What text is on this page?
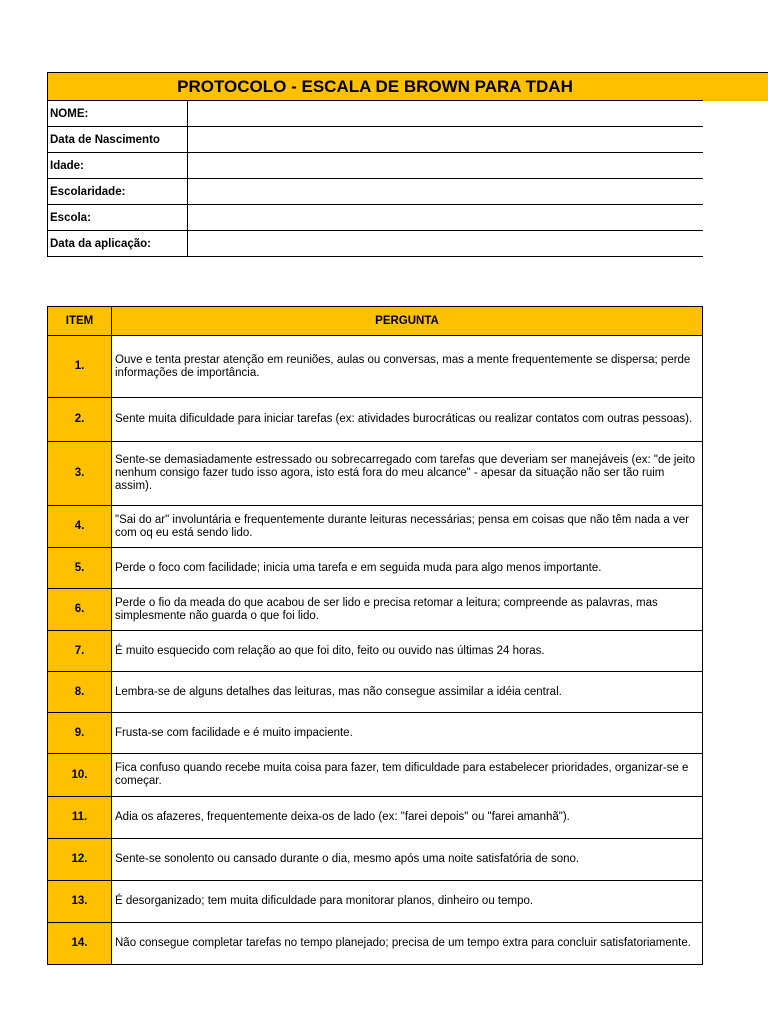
PROTOCOLO - ESCALA DE BROWN PARA TDAH
NOME:	
Data de Nascimento	
Idade:	
Escolaridade:	
Escola:	
Data da aplicação:	
ITEM	PERGUNTA
1.	Ouve e tenta prestar atenção em reuniões, aulas ou conversas, mas a mente frequentemente se dispersa; perde informações de importância.
2.	Sente muita dificuldade para iniciar tarefas (ex: atividades burocráticas ou realizar contatos com outras pessoas).
3.	Sente-se demasiadamente estressado ou sobrecarregado com tarefas que deveriam ser manejáveis (ex: "de jeito nenhum consigo fazer tudo isso agora, isto está fora do meu alcance" - apesar da situação não ser tão ruim assim).
4.	"Sai do ar" involuntária e frequentemente durante leituras necessárias; pensa em coisas que não têm nada a ver com oq eu está sendo lido.
5.	Perde o foco com facilidade; inicia uma tarefa e em seguida muda para algo menos importante.
6.	Perde o fio da meada do que acabou de ser lido e precisa retomar a leitura; compreende as palavras, mas simplesmente não guarda o que foi lido.
7.	É muito esquecido com relação ao que foi dito, feito ou ouvido nas últimas 24 horas.
8.	Lembra-se de alguns detalhes das leituras, mas não consegue assimilar a idéia central.
9.	Frusta-se com facilidade e é muito impaciente.
10.	Fica confuso quando recebe muita coisa para fazer, tem dificuldade para estabelecer prioridades, organizar-se e começar.
11.	Adia os afazeres, frequentemente deixa-os de lado (ex: "farei depois" ou "farei amanhã").
12.	Sente-se sonolento ou cansado durante o dia, mesmo após uma noite satisfatória de sono.
13.	É desorganizado; tem muita dificuldade para monitorar planos, dinheiro ou tempo.
14.	Não consegue completar tarefas no tempo planejado; precisa de um tempo extra para concluir satisfatoriamente.
